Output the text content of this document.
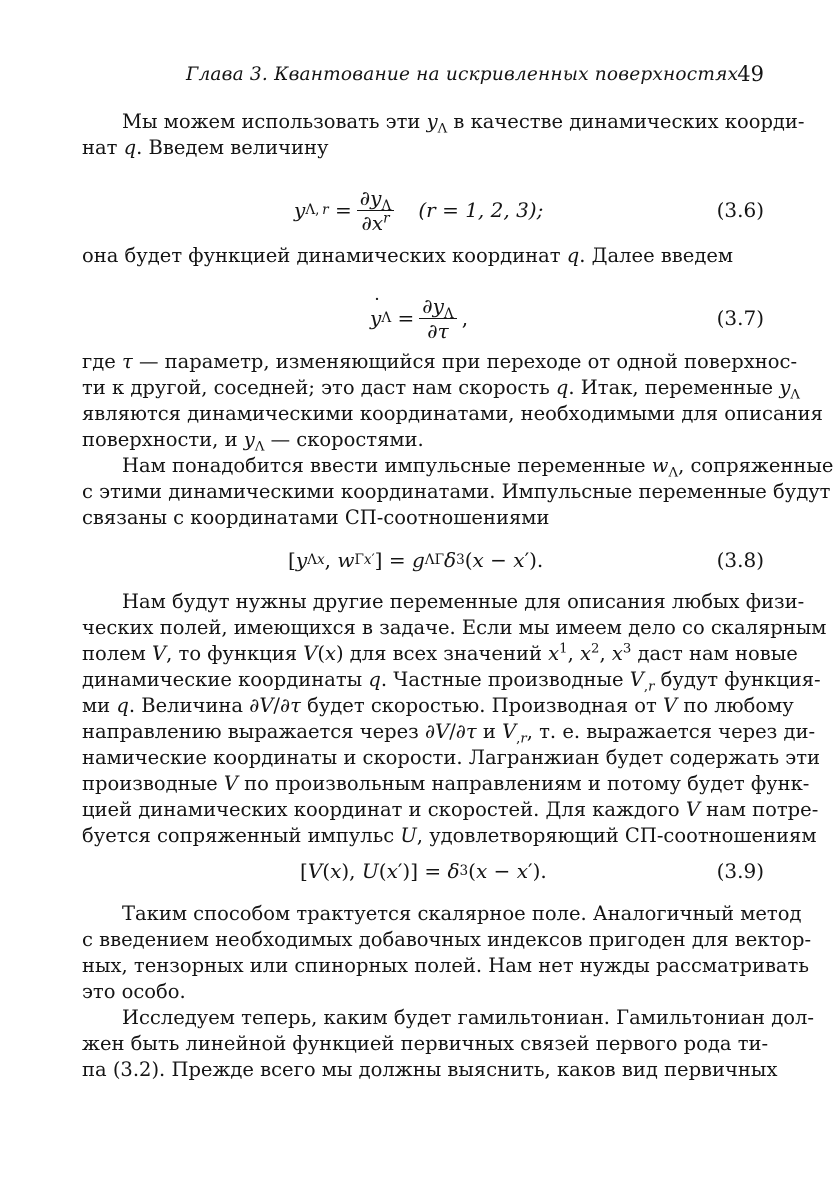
Глава 3. Квантование на искривленных поверхностях 49
Мы можем использовать эти $y_\Lambda$ в качестве динамических коорди-
нат q. Введем величину
y Λ, $r = \frac{\partial y_\Lambda}{\partial x^r}$
(r = 1, 2, 3);	(3.6)
она будет функцией динамических координат q. Далее введем
˙ y $\Lambda = \frac{\partial y_\Lambda}{\partial\tau}$ ,	(3.7)
где τ — параметр, изменяющийся при переходе от одной поверхнос-
ти к другой, соседней; это даст нам скорость ˙ q. Итак, переменные $y_\Lambda$
являются динамическими координатами, необходимыми для описания
поверхности, и ˙ $y_\Lambda$ — скоростями.
Нам понадобится ввести импульсные переменные $w_\Lambda$, сопряженные
с этими динамическими координатами. Импульсные переменные будут
связаны с координатами СП-соотношениями
[ y Λx , w Γx′ ] = g ΛΓ δ 3 ( x − x ′).	(3.8)
Нам будут нужны другие переменные для описания любых физи-
ческих полей, имеющихся в задаче. Если мы имеем дело со скалярным
полем V, то функция V(x) для всех значений $x^1$, $x^2$, $x^3$ даст нам новые
динамические координаты q. Частные производные $V_{,r}$ будут функция-
ми q. Величина ∂V/∂τ будет скоростью. Производная от V по любому
направлению выражается через ∂V/∂τ и $V_{,r}$, т. е. выражается через ди-
намические координаты и скорости. Лагранжиан будет содержать эти
производные V по произвольным направлениям и потому будет функ-
цией динамических координат и скоростей. Для каждого V нам потре-
буется сопряженный импульс U, удовлетворяющий СП-соотношениям
[ V ( x ), U ( x ′)] = δ 3 ( x − x ′).	(3.9)
Таким способом трактуется скалярное поле. Аналогичный метод
с введением необходимых добавочных индексов пригоден для вектор-
ных, тензорных или спинорных полей. Нам нет нужды рассматривать
это особо.
Исследуем теперь, каким будет гамильтониан. Гамильтониан дол-
жен быть линейной функцией первичных связей первого рода ти-
па (3.2). Прежде всего мы должны выяснить, каков вид первичных
